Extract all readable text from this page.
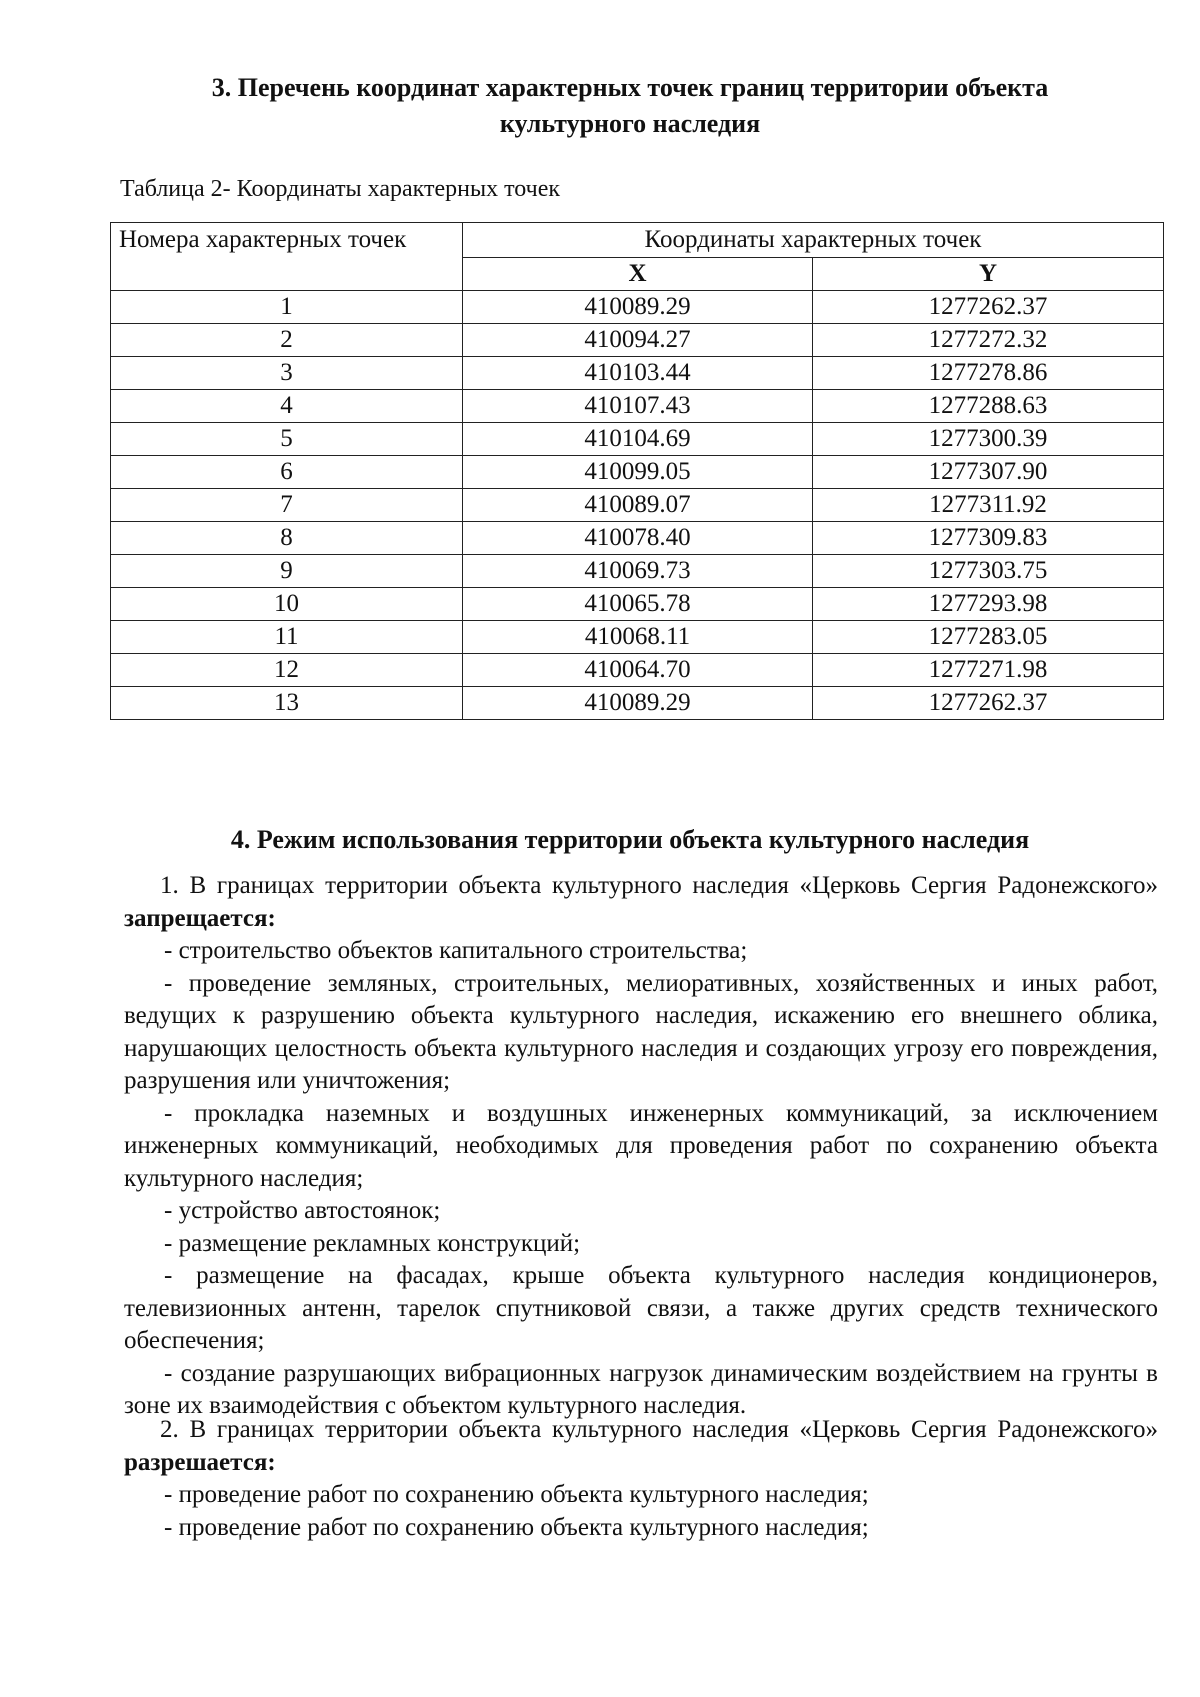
3. Перечень координат характерных точек границ территории объекта культурного наследия
Таблица 2- Координаты характерных точек
Номера характерных точек	Координаты характерных точек	
	X	Y
1	410089.29	1277262.37
2	410094.27	1277272.32
3	410103.44	1277278.86
4	410107.43	1277288.63
5	410104.69	1277300.39
6	410099.05	1277307.90
7	410089.07	1277311.92
8	410078.40	1277309.83
9	410069.73	1277303.75
10	410065.78	1277293.98
11	410068.11	1277283.05
12	410064.70	1277271.98
13	410089.29	1277262.37
4. Режим использования территории объекта культурного наследия

1. В границах территории объекта культурного наследия «Церковь Сергия Радонежского» запрещается:

- строительство объектов капитального строительства;

- проведение земляных, строительных, мелиоративных, хозяйственных и иных работ, ведущих к разрушению объекта культурного наследия, искажению его внешнего облика, нарушающих целостность объекта культурного наследия и создающих угрозу его повреждения, разрушения или уничтожения;

- прокладка наземных и воздушных инженерных коммуникаций, за исключением инженерных коммуникаций, необходимых для проведения работ по сохранению объекта культурного наследия;

- устройство автостоянок;

- размещение рекламных конструкций;

- размещение на фасадах, крыше объекта культурного наследия кондиционеров, телевизионных антенн, тарелок спутниковой связи, а также других средств технического обеспечения;

- создание разрушающих вибрационных нагрузок динамическим воздействием на грунты в зоне их взаимодействия с объектом культурного наследия.

2. В границах территории объекта культурного наследия «Церковь Сергия Радонежского» разрешается:

- проведение работ по сохранению объекта культурного наследия;

- проведение работ по сохранению объекта культурного наследия;
